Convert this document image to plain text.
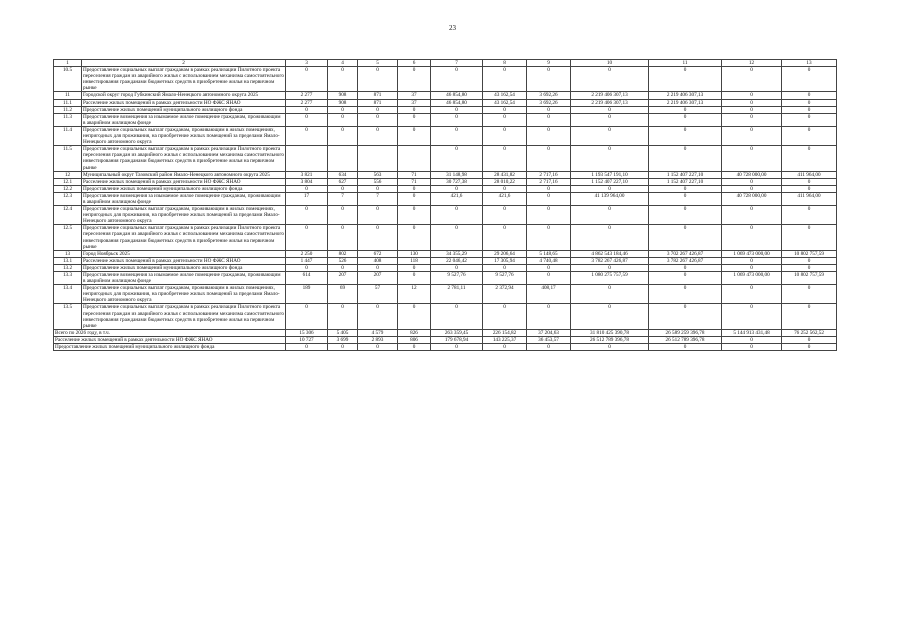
23
1	2	3	4	5	6	7	8	9	10	11	12	13
10.5	Предоставление социальных выплат гражданам в рамках реализации Пилотного проекта переселения граждан из аварийного жилья с использованием механизма самостоятельного инвестирования гражданами бюджетных средств в приобретение жилья на первичном рынке	0	0	0	0	0	0	0	0	0	0	0
11	Городской округ город Губкинский Ямало-Ненецкого автономного округа 2025	2 277	908	871	37	46 854,80	43 162,54	3 692,26	2 219 406 307,13	2 219 406 307,13	0	0
11.1	Расселение жилых помещений в рамках деятельности НО ФЖС ЯНАО	2 277	908	871	37	46 854,80	43 162,54	3 692,26	2 219 406 307,13	2 219 406 307,13	0	0
11.2	Предоставление жилых помещений муниципального жилищного фонда	0	0	0	0	0	0	0	0	0	0	0
11.3	Предоставление возмещения за изымаемое жилое помещение гражданам, проживающим в аварийном жилищном фонде	0	0	0	0	0	0	0	0	0	0	0
11.4	Предоставление социальных выплат гражданам, проживающим в жилых помещениях, непригодных для проживания, на приобретение жилых помещений за пределами Ямало-Ненецкого автономного округа	0	0	0	0	0	0	0	0	0	0	0
11.5	Предоставление социальных выплат гражданам в рамках реализации Пилотного проекта переселения граждан из аварийного жилья с использованием механизма самостоятельного инвестирования гражданами бюджетных средств в приобретение жилья на первичном рынке					0	0	0	0	0	0	0
12	Муниципальный округ Тазовский район Ямало-Ненецкого автономного округа 2025	3 821	634	563	71	31 148,98	28 431,82	2 717,16	1 193 547 191,10	1 152 407 227,10	40 728 000,00	411 964,00
12.1	Расселение жилых помещений в рамках деятельности НО ФЖС ЯНАО	3 804	627	556	71	30 727,38	28 010,22	2 717,16	1 152 407 227,10	1 152 407 227,10	0	0
12.2	Предоставление жилых помещений муниципального жилищного фонда	0	0	0	0	0	0	0	0	0	0	0
12.3	Предоставление возмещения за изымаемое жилое помещение гражданам, проживающим в аварийном жилищном фонде	17	7	7	0	421,6	421,6	0	41 139 964,00	0	40 728 000,00	411 964,00
12.4	Предоставление социальных выплат гражданам, проживающим в жилых помещениях, непригодных для проживания, на приобретение жилых помещений за пределами Ямало-Ненецкого автономного округа	0	0	0	0	0	0	0	0	0	0	0
12.5	Предоставление социальных выплат гражданам в рамках реализации Пилотного проекта переселения граждан из аварийного жилья с использованием механизма самостоятельного инвестирования гражданами бюджетных средств в приобретение жилья на первичном рынке	0	0	0	0	0	0	0	0	0	0	0
13	Город Ноябрьск 2025	2 250	802	672	130	34 355,29	29 206,64	5 148,65	4 862 543 184,46	3 702 267 426,87	1 069 473 000,00	10 802 757,59
13.1	Расселение жилых помещений в рамках деятельности НО ФЖС ЯНАО	1 447	526	408	118	22 046,42	17 305,94	4 740,48	3 782 267 426,87	3 782 267 426,87	0	0
13.2	Предоставление жилых помещений муниципального жилищного фонда	0	0	0	0	0	0	0	0	0	0	0
13.3	Предоставление возмещения за изымаемое жилое помещение гражданам, проживающим в аварийном жилищном фонде	614	207	207	0	9 527,76	9 527,76	0	1 080 275 757,59	0	1 069 473 000,00	10 802 757,59
13.4	Предоставление социальных выплат гражданам, проживающим в жилых помещениях, непригодных для проживания, на приобретение жилых помещений за пределами Ямало-Ненецкого автономного округа	189	69	57	12	2 781,11	2 372,94	408,17	0	0	0	0
13.5	Предоставление социальных выплат гражданам в рамках реализации Пилотного проекта переселения граждан из аварийного жилья с использованием механизма самостоятельного инвестирования гражданами бюджетных средств в приобретение жилья на первичном рынке	0	0	0	0	0	0	0	0	0	0	0
Всего по 2026 году, в т.ч.		15 306	5 405	4 579	826	263 359,45	226 154,82	37 204,63	31 810 425 390,78	26 589 259 396,78	5 144 913 431,48	76 252 562,52
Расселение жилых помещений в рамках деятельности НО ФЖС ЯНАО		10 727	3 699	2 893	806	179 678,94	143 225,37	36 453,57	26 512 789 396,78	26 512 789 396,78	0	0
Предоставление жилых помещений муниципального жилищного фонда		0	0	0	0	0	0	0	0	0	0	0
